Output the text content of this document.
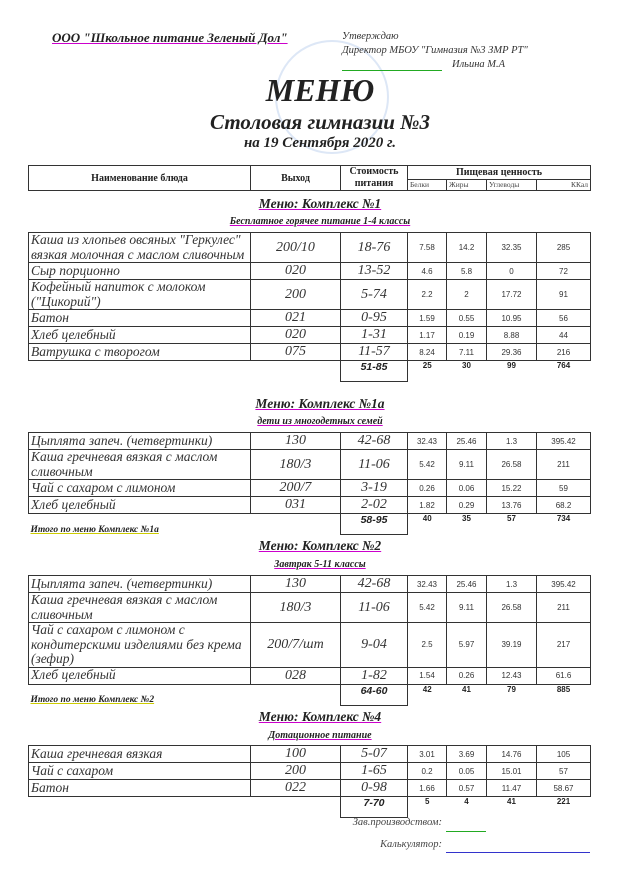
ООО "Школьное питание Зеленый Дол"	Утверждаю
Директор МБОУ "Гимназия №3 ЗМР РТ"
Ильина М.А
МЕНЮ
Столовая гимназии №3
на 19 Сентября 2020 г.
Наименование блюда	Выход	Стоимость питания	Пищевая ценность			
			Белки	Жиры	Углеводы	ККал
Меню: Комплекс №1
Бесплатное горячее питание 1-4 классы
Каша из хлопьев овсяных "Геркулес" вязкая молочная с маслом сливочным	200/10	18-76	7.58	14.2	32.35	285
Сыр порционно	020	13-52	4.6	5.8	0	72
Кофейный напиток с молоком ("Цикорий")	200	5-74	2.2	2	17.72	91
Батон	021	0-95	1.59	0.55	10.95	56
Хлеб целебный	020	1-31	1.17	0.19	8.88	44
Ватрушка с творогом	075	11-57	8.24	7.11	29.36	216
		51-85	25	30	99	764
Меню: Комплекс №1а
дети из многодетных семей
Цыплята запеч. (четвертинки)	130	42-68	32.43	25.46	1.3	395.42
Каша гречневая вязкая с маслом сливочным	180/3	11-06	5.42	9.11	26.58	211
Чай с сахаром с лимоном	200/7	3-19	0.26	0.06	15.22	59
Хлеб целебный	031	2-02	1.82	0.29	13.76	68.2
Итого по меню Комплекс №1а		58-95	40	35	57	734
Меню: Комплекс №2
Завтрак 5-11 классы
Цыплята запеч. (четвертинки)	130	42-68	32.43	25.46	1.3	395.42
Каша гречневая вязкая с маслом сливочным	180/3	11-06	5.42	9.11	26.58	211
Чай с сахаром с лимоном с кондитерскими изделиями без крема (зефир)	200/7/шт	9-04	2.5	5.97	39.19	217
Хлеб целебный	028	1-82	1.54	0.26	12.43	61.6
Итого по меню Комплекс №2		64-60	42	41	79	885
Меню: Комплекс №4
Дотационное питание
Каша гречневая вязкая	100	5-07	3.01	3.69	14.76	105
Чай с сахаром	200	1-65	0.2	0.05	15.01	57
Батон	022	0-98	1.66	0.57	11.47	58.67
		7-70	5	4	41	221
Зав.производством:
Калькулятор:
